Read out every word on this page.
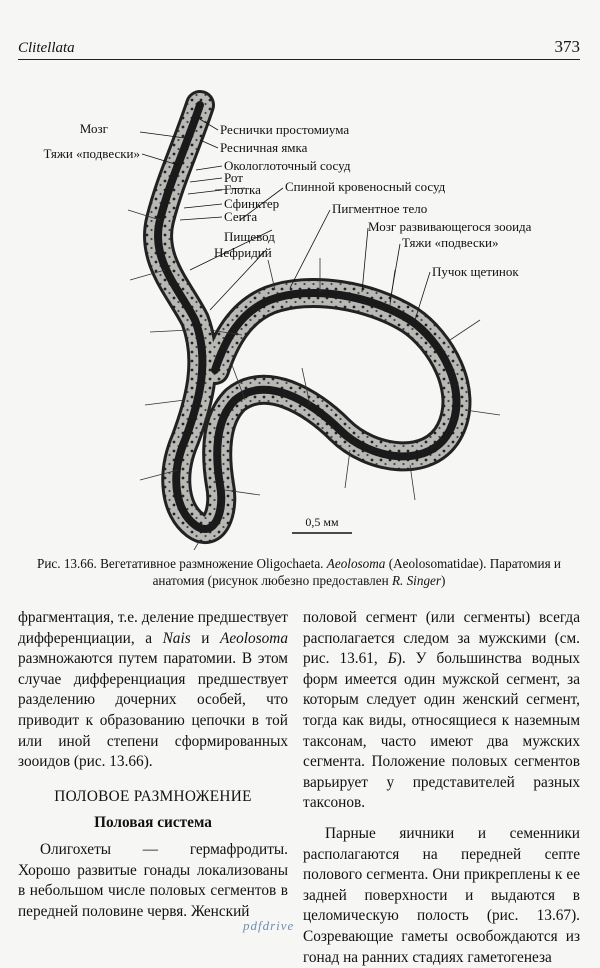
Clitellata	373
Мозг
Тяжи «подвески»
Реснички простомиума
Ресничная ямка
Окологлоточный сосуд
Рот
Глотка
Сфинктер
Септа
Спинной кровеносный сосуд
Пигментное тело
Пищевод
Нефридий
Мозг развивающегося зооида
Тяжи «подвески»
Пучок щетинок
0,5 мм
Рис. 13.66. Вегетативное размножение Oligochaeta. Aeolosoma (Aeolosomatidae). Паратомия и анатомия (рисунок любезно предоставлен R. Singer)

фрагментация, т.е. деление предшествует дифференциации, а Nais и Aeolosoma размножаются путем паратомии. В этом случае дифференциация предшествует разделению дочерних особей, что приводит к образованию цепочки в той или иной степени сформированных зооидов (рис. 13.66).

ПОЛОВОЕ РАЗМНОЖЕНИЕ
Половая система

Олигохеты — гермафродиты. Хорошо развитые гонады локализованы в небольшом числе половых сегментов в передней половине червя. Женский

половой сегмент (или сегменты) всегда располагается следом за мужскими (см. рис. 13.61, Б). У большинства водных форм имеется один мужской сегмент, за которым следует один женский сегмент, тогда как виды, относящиеся к наземным таксонам, часто имеют два мужских сегмента. Положение половых сегментов варьирует у представителей разных таксонов.

Парные яичники и семенники располагаются на передней септе полового сегмента. Они прикреплены к ее задней поверхности и выдаются в целомическую полость (рис. 13.67). Созревающие гаметы освобождаются из гонад на ранних стадиях гаметогенеза

pdfdrive
